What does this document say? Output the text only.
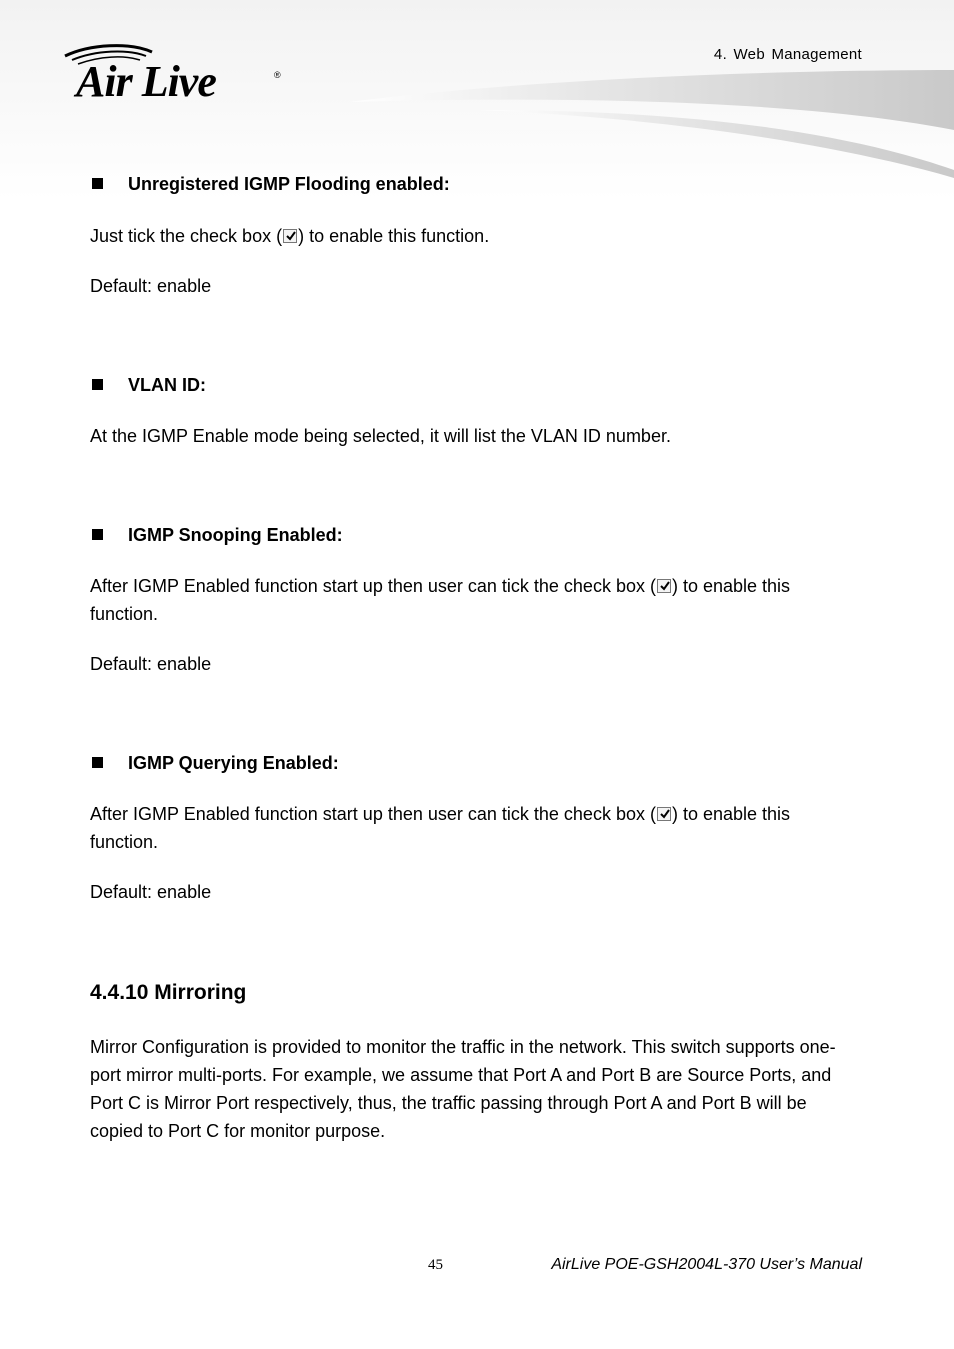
Air Live	®
4. Web Management
Unregistered IGMP Flooding enabled:
Just tick the check box ( ) to enable this function.
Default: enable
VLAN ID:
At the IGMP Enable mode being selected, it will list the VLAN ID number.
IGMP Snooping Enabled:
After IGMP Enabled function start up then user can tick the check box ( ) to enable this function.
Default: enable
IGMP Querying Enabled:
After IGMP Enabled function start up then user can tick the check box ( ) to enable this function.
Default: enable
4.4.10 Mirroring
Mirror Configuration is provided to monitor the traffic in the network. This switch supports one-port mirror multi-ports. For example, we assume that Port A and Port B are Source Ports, and Port C is Mirror Port respectively, thus, the traffic passing through Port A and Port B will be copied to Port C for monitor purpose.
45	AirLive POE-GSH2004L-370 User’s Manual
